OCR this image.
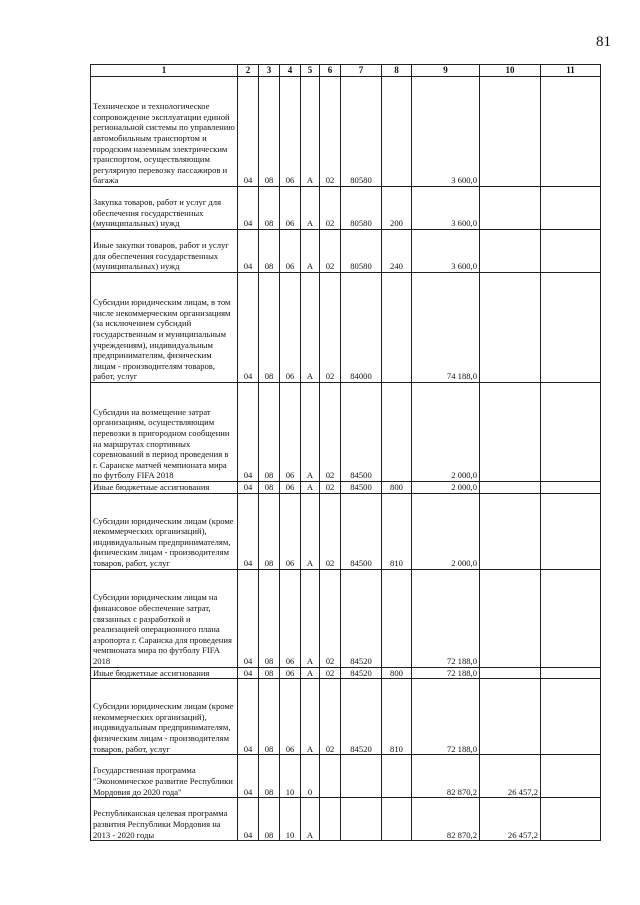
81
1	2	3	4	5	6	7	8	9	10	11
Техническое и технологическое сопровождение эксплуатации единой региональной системы по управлению автомобильным транспортом и городским наземным электрическим транспортом, осуществляющим регулярную перевозку пассажиров и багажа	04	08	06	А	02	80580		3 600,0		
Закупка товаров, работ и услуг для обеспечения государственных (муниципальных) нужд	04	08	06	А	02	80580	200	3 600,0		
Иные закупки товаров, работ и услуг для обеспечения государственных (муниципальных) нужд	04	08	06	А	02	80580	240	3 600,0		
Субсидии юридическим лицам, в том числе некоммерческим организациям (за исключением субсидий государственным и муниципальным учреждениям), индивидуальным предпринимателям, физическим лицам - производителям товаров, работ, услуг	04	08	06	А	02	84000		74 188,0		
Субсидии на возмещение затрат организациям, осуществляющим перевозки в пригородном сообщении на маршрутах спортивных соревнований в период проведения в г. Саранске матчей чемпионата мира по футболу FIFA 2018	04	08	06	А	02	84500		2 000,0		
Иные бюджетные ассигнования	04	08	06	А	02	84500	800	2 000,0		
Субсидии юридическим лицам (кроме некоммерческих организаций), индивидуальным предпринимателям, физическим лицам - производителям товаров, работ, услуг	04	08	06	А	02	84500	810	2 000,0		
Субсидии юридическим лицам на финансовое обеспечение затрат, связанных с разработкой и реализацией операционного плана аэропорта г. Саранска для проведения чемпионата мира по футболу FIFA 2018	04	08	06	А	02	84520		72 188,0		
Иные бюджетные ассигнования	04	08	06	А	02	84520	800	72 188,0		
Субсидии юридическим лицам (кроме некоммерческих организаций), индивидуальным предпринимателям, физическим лицам - производителям товаров, работ, услуг	04	08	06	А	02	84520	810	72 188,0		
Государственная программа "Экономическое развитие Республики Мордовия до 2020 года"	04	08	10	0				82 870,2	26 457,2	
Республиканская целевая программа развития Республики Мордовия на 2013 - 2020 годы	04	08	10	А				82 870,2	26 457,2	
